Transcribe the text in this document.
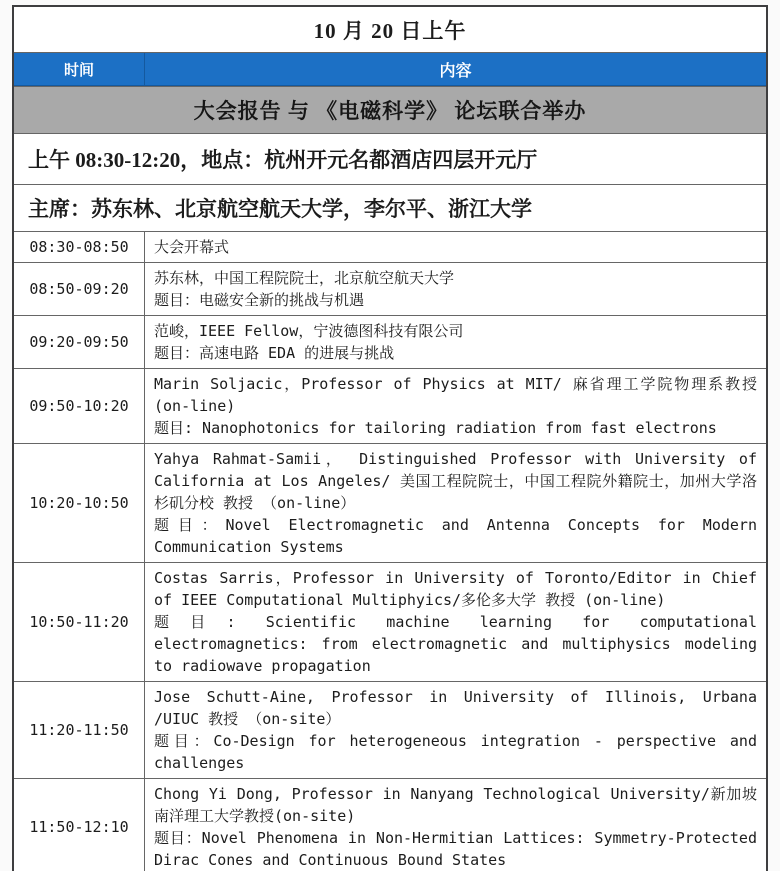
10 月 20 日上午
时间	内容
大会报告 与 《电磁科学》 论坛联合举办
上午 08:30-12:20，地点：杭州开元名都酒店四层开元厅
主席：苏东林、北京航空航天大学，李尔平、浙江大学
08:30-08:50	大会开幕式
08:50-09:20
苏东林，中国工程院院士，北京航空航天大学
题目：电磁安全新的挑战与机遇
09:20-09:50
范峻，IEEE Fellow，宁波德图科技有限公司
题目：高速电路 EDA 的进展与挑战
09:50-10:20
Marin Soljacic，Professor of Physics at MIT/ 麻省理工学院物理系教授 (on-line)
题目: Nanophotonics for tailoring radiation from fast electrons
10:20-10:50
Yahya Rahmat-Samii， Distinguished Professor with University of California at Los Angeles/ 美国工程院院士，中国工程院外籍院士，加州大学洛杉矶分校 教授 （on-line）
题目：Novel Electromagnetic and Antenna Concepts for Modern Communication Systems
10:50-11:20
Costas Sarris，Professor in University of Toronto/Editor in Chief of IEEE Computational Multiphyics/多伦多大学 教授 (on-line)
题目: Scientific machine learning for computational electromagnetics: from electromagnetic and multiphysics modeling to radiowave propagation
11:20-11:50
Jose Schutt-Aine, Professor in University of Illinois, Urbana /UIUC 教授 （on-site）
题目：Co-Design for heterogeneous integration - perspective and challenges
11:50-12:10
Chong Yi Dong, Professor in Nanyang Technological University/新加坡南洋理工大学教授(on-site)
题目：Novel Phenomena in Non-Hermitian Lattices: Symmetry-Protected Dirac Cones and Continuous Bound States
